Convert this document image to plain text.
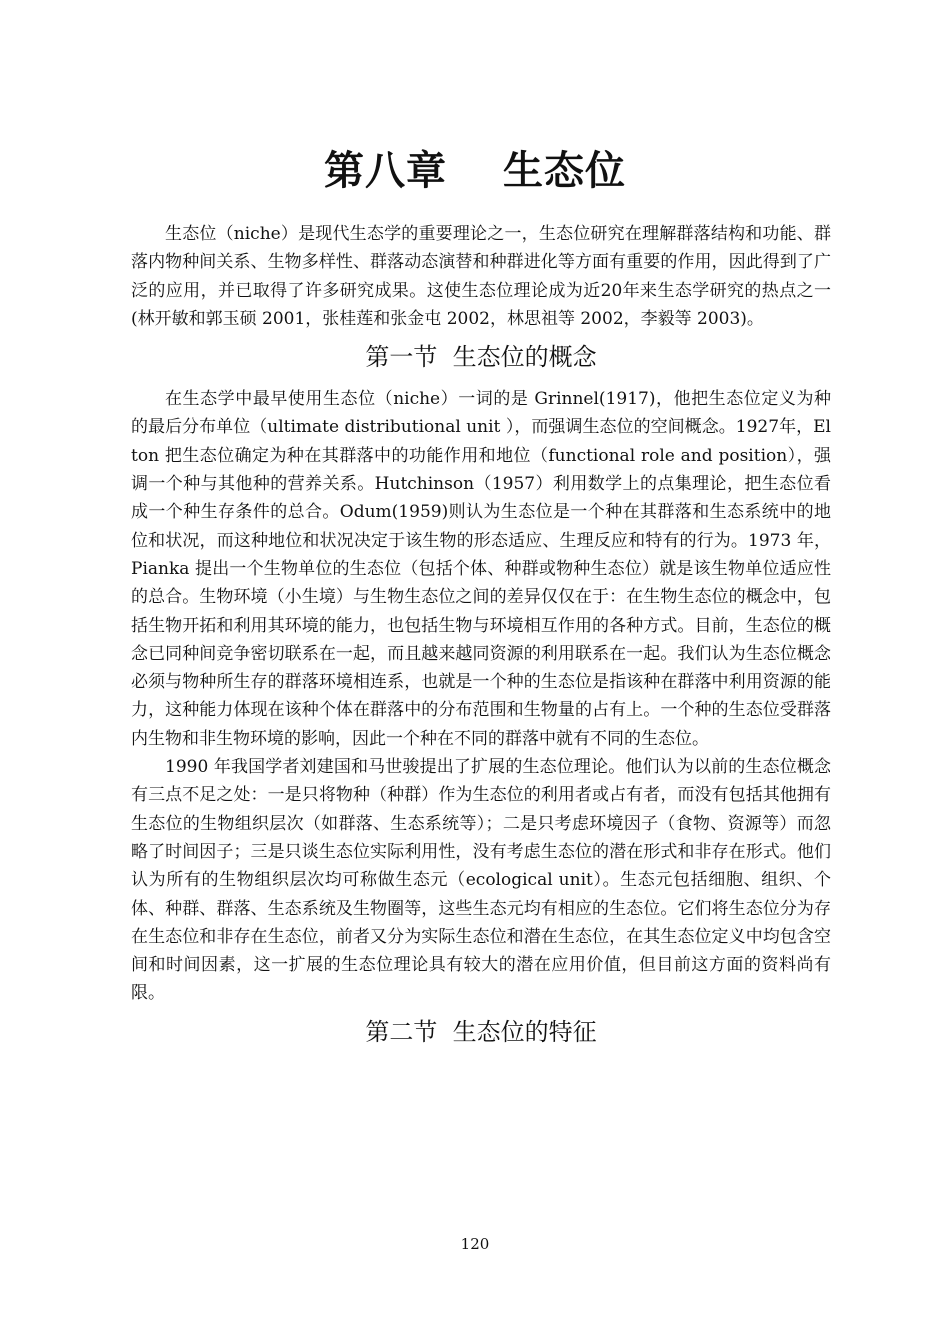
第八章　 生态位

生态位（niche）是现代生态学的重要理论之一，生态位研究在理解群落结构和功能、群落内物种间关系、生物多样性、群落动态演替和种群进化等方面有重要的作用，因此得到了广泛的应用，并已取得了许多研究成果。这使生态位理论成为近20年来生态学研究的热点之一(林开敏和郭玉硕 2001，张桂莲和张金屯 2002，林思祖等 2002，李毅等 2003)。

第一节  生态位的概念

在生态学中最早使用生态位（niche）一词的是 Grinnel(1917)，他把生态位定义为种的最后分布单位（ultimate distributional unit ），而强调生态位的空间概念。1927年，Elton 把生态位确定为种在其群落中的功能作用和地位（functional role and position），强调一个种与其他种的营养关系。Hutchinson（1957）利用数学上的点集理论，把生态位看成一个种生存条件的总合。Odum(1959)则认为生态位是一个种在其群落和生态系统中的地位和状况，而这种地位和状况决定于该生物的形态适应、生理反应和特有的行为。1973 年，Pianka 提出一个生物单位的生态位（包括个体、种群或物种生态位）就是该生物单位适应性的总合。生物环境（小生境）与生物生态位之间的差异仅仅在于：在生物生态位的概念中，包括生物开拓和利用其环境的能力，也包括生物与环境相互作用的各种方式。目前，生态位的概念已同种间竞争密切联系在一起，而且越来越同资源的利用联系在一起。我们认为生态位概念必须与物种所生存的群落环境相连系，也就是一个种的生态位是指该种在群落中利用资源的能力，这种能力体现在该种个体在群落中的分布范围和生物量的占有上。一个种的生态位受群落内生物和非生物环境的影响，因此一个种在不同的群落中就有不同的生态位。

1990 年我国学者刘建国和马世骏提出了扩展的生态位理论。他们认为以前的生态位概念有三点不足之处：一是只将物种（种群）作为生态位的利用者或占有者，而没有包括其他拥有生态位的生物组织层次（如群落、生态系统等）；二是只考虑环境因子（食物、资源等）而忽略了时间因子；三是只谈生态位实际利用性，没有考虑生态位的潜在形式和非存在形式。他们认为所有的生物组织层次均可称做生态元（ecological unit）。生态元包括细胞、组织、个体、种群、群落、生态系统及生物圈等，这些生态元均有相应的生态位。它们将生态位分为存在生态位和非存在生态位，前者又分为实际生态位和潜在生态位，在其生态位定义中均包含空间和时间因素，这一扩展的生态位理论具有较大的潜在应用价值，但目前这方面的资料尚有限。

第二节  生态位的特征
120
